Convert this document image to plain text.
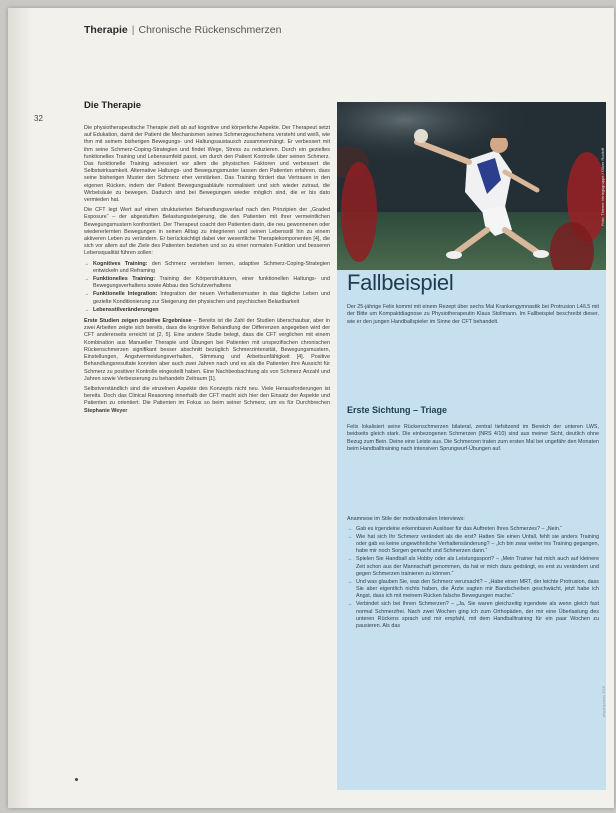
Therapie | Chronische Rückenschmerzen
32
Die Therapie

Die physiotherapeutische Therapie zielt ab auf kognitive und körperliche Aspekte. Der Therapeut setzt auf Edukation, damit der Patient die Mechanismen seines Schmerzgeschehens versteht und weiß, wie thm mit seinem bisherigen Bewegungs- und Haltungsaustausch zusammenhängt. Er verbessert mit ihm seine Schmerz-Coping-Strategien und findet Wege, Stress zu reduzieren. Durch ein gezieltes funktionelles Training und Lebensumfeld passt, um durch den Patient Kontrolle über seinen Schmerz. Das funktionelle Training adressiert vor allem die physischen Faktoren und verbessert die Selbstwirksamkeit. Alternative Haltungs- und Bewegungsmuster lassen den Patienten erfahren, dass seine bisherigen Muster den Schmerz eher verstärken. Das Training fördert das Vertrauen in den eigenen Rücken, indem der Patient Bewegungsabläufe normalisiert und sich wieder zutraut, die Wirbelsäule zu bewegen. Dadurch sind bei Bewegungen wieder möglich sind, die er bis dato vermieden hat.

Die CFT legt Wert auf einen strukturierten Behandlungsverlauf nach den Prinzipien der „Graded Exposure“ – der abgestuften Belastungssteigerung, die den Patienten mit ihrer vermeintlichen Bewegungsmustern konfrontiert. Der Therapeut coacht den Patienten darin, die neu gewonnenen oder wiedererlernten Bewegungen in seinen Alltag zu integrieren und seinen Lebensstil hin zu einem aktiveren Leben zu verändern. Er berücksichtigt dabei vier wesentliche Therapiekomponenten [4], die sich vor allem auf die Ziele des Patienten beziehen und so zu einer normalen Funktion und besseren Lebensqualität führen sollen:

→ Kognitives Training: den Schmerz verstehen lernen, adaptive Schmerz-Coping-Strategien entwickeln und Reframing
→ Funktionelles Training: Training der Körperstrukturen, einer funktionellen Haltungs- und Bewegungsverhaltens sowie Abbau des Schutzverhaltens
→ Funktionelle Integration: Integration der neuen Verhaltensmuster in das tägliche Leben und gezielte Konditionierung zur Steigerung der physischen und psychischen Belastbarkeit
→ Lebensstilveränderungen

Erste Studien zeigen positive Ergebnisse – Bereits ist die Zahl der Studien überschaubar, aber in zwei Arbeiten zeigte sich bereits, dass die kognitive Behandlung der Differenzen angegeben wird der CFT andererseits erreicht ist [2, 5]. Eine andere Studie belegt, dass die CFT verglichen mit einem Kombination aus Manueller Therapie und Übungen bei Patienten mit unspezifischen chronischen Rückenschmerzen signifikant besser abschnitt bezüglich Schmerzintensität, Bewegungsmustern, Einstellungen, Angstvermeidungsverhalten, Stimmung und Arbeitsunfähigkeit [4]. Positive Behandlungsresultate konnten aber auch zwei Jahren nach und es als die Patienten ihre Aussicht für Schmerz zu positiver Kontrolle eingestellt haben. Eine Nachbeobachtung als von Schmerz Anzahl und Jahren sowie Verbesserung zu behandeln Zeitraum [1].

Selbstverständlich sind die einzelnen Aspekte des Konzepts nicht neu. Viele Herausforderungen ist bereits. Doch das Clinical Reasoning innerhalb der CFT macht sich hier den Einsatz der Aspekte und Patienten zu orientiert. Die Patienten im Fokus so beim seiner Schmerz, um es für Durchbrechen Stephanie Weyer

Foto: Thieme Verlagsgruppe / Oliver Rudloff
Fallbeispiel
Der 25-jährige Felix kommt mit einem Rezept über sechs Mal Krankengymnastik bei Protrusion L4/L5 mit der Bitte um Kompaktdiagnose zu Physiotherapeutin Klaus Stollmann. Im Fallbeispiel beschreibt dieser, wie er den jungen Handballspieler im Sinne der CFT behandelt.
Erste Sichtung – Triage
Felix lokalisiert seine Rückenschmerzen bilateral, zentral tiefsitzend im Bereich der unteren LWS, beidseits gleich stark. Die einbezogenen Schmerzen (NRS 4/10) sind aus meiner Sicht, deutlich ohne Bezug zum Bein. Deine eine Leiste aus. Die Schmerzen traten zum ersten Mal bei ungefähr den Monaten beim Handballtraining nach intensiven Sprungwurf-Übungen auf.
Anamnese im Stile der motivationalen Interviews:
→ Gab es irgendeine erkennbaren Auslöser für das Auftreten Ihres Schmerzes? – „Nein.“
→ Wie hat sich Ihr Schmerz verändert als die erst? Hatten Sie einen Unfall, fehlt sie anders Training oder gab es keine ungewöhnliche Verhaltensänderung? – „Ich bin zwar weiter ins Training gegangen, habe mir noch Sorgen gemacht und Schmerzen dann.“
→ Spielen Sie Handball als Hobby oder als Leistungssport? – „Mein Trainer hat mich auch auf kleinere Zeit schon aus der Mannschaft genommen, da hat er mich dazu gedrängt, es erst zu verändern und gegen Schmerzen trainieren zu können.“
→ Und was glauben Sie, was den Schmerz verursacht? – „Habe einen MRT, der leichte Protrusion, dass Sie aber eigentlich nichts haben, die Ärzte sagten mir Bandscheiben geschwächt, jetzt habe ich Angst, dass ich mit meinem Rücken falsche Bewegungen mache.“
→ Verbindet sich bei Ihnen Schmerzen? – „Ja, Sie waren gleichzeitig irgendwie als wenn gleich fast normal Schmerzfrei. Nach zwei Wochen ging ich zum Orthopäden, der mir eine Überlastung des unteren Rückens sprach und mir empfahl, mit dem Handballtraining für ein paar Wochen zu pausieren. Als das
physiopraxis 2/18
